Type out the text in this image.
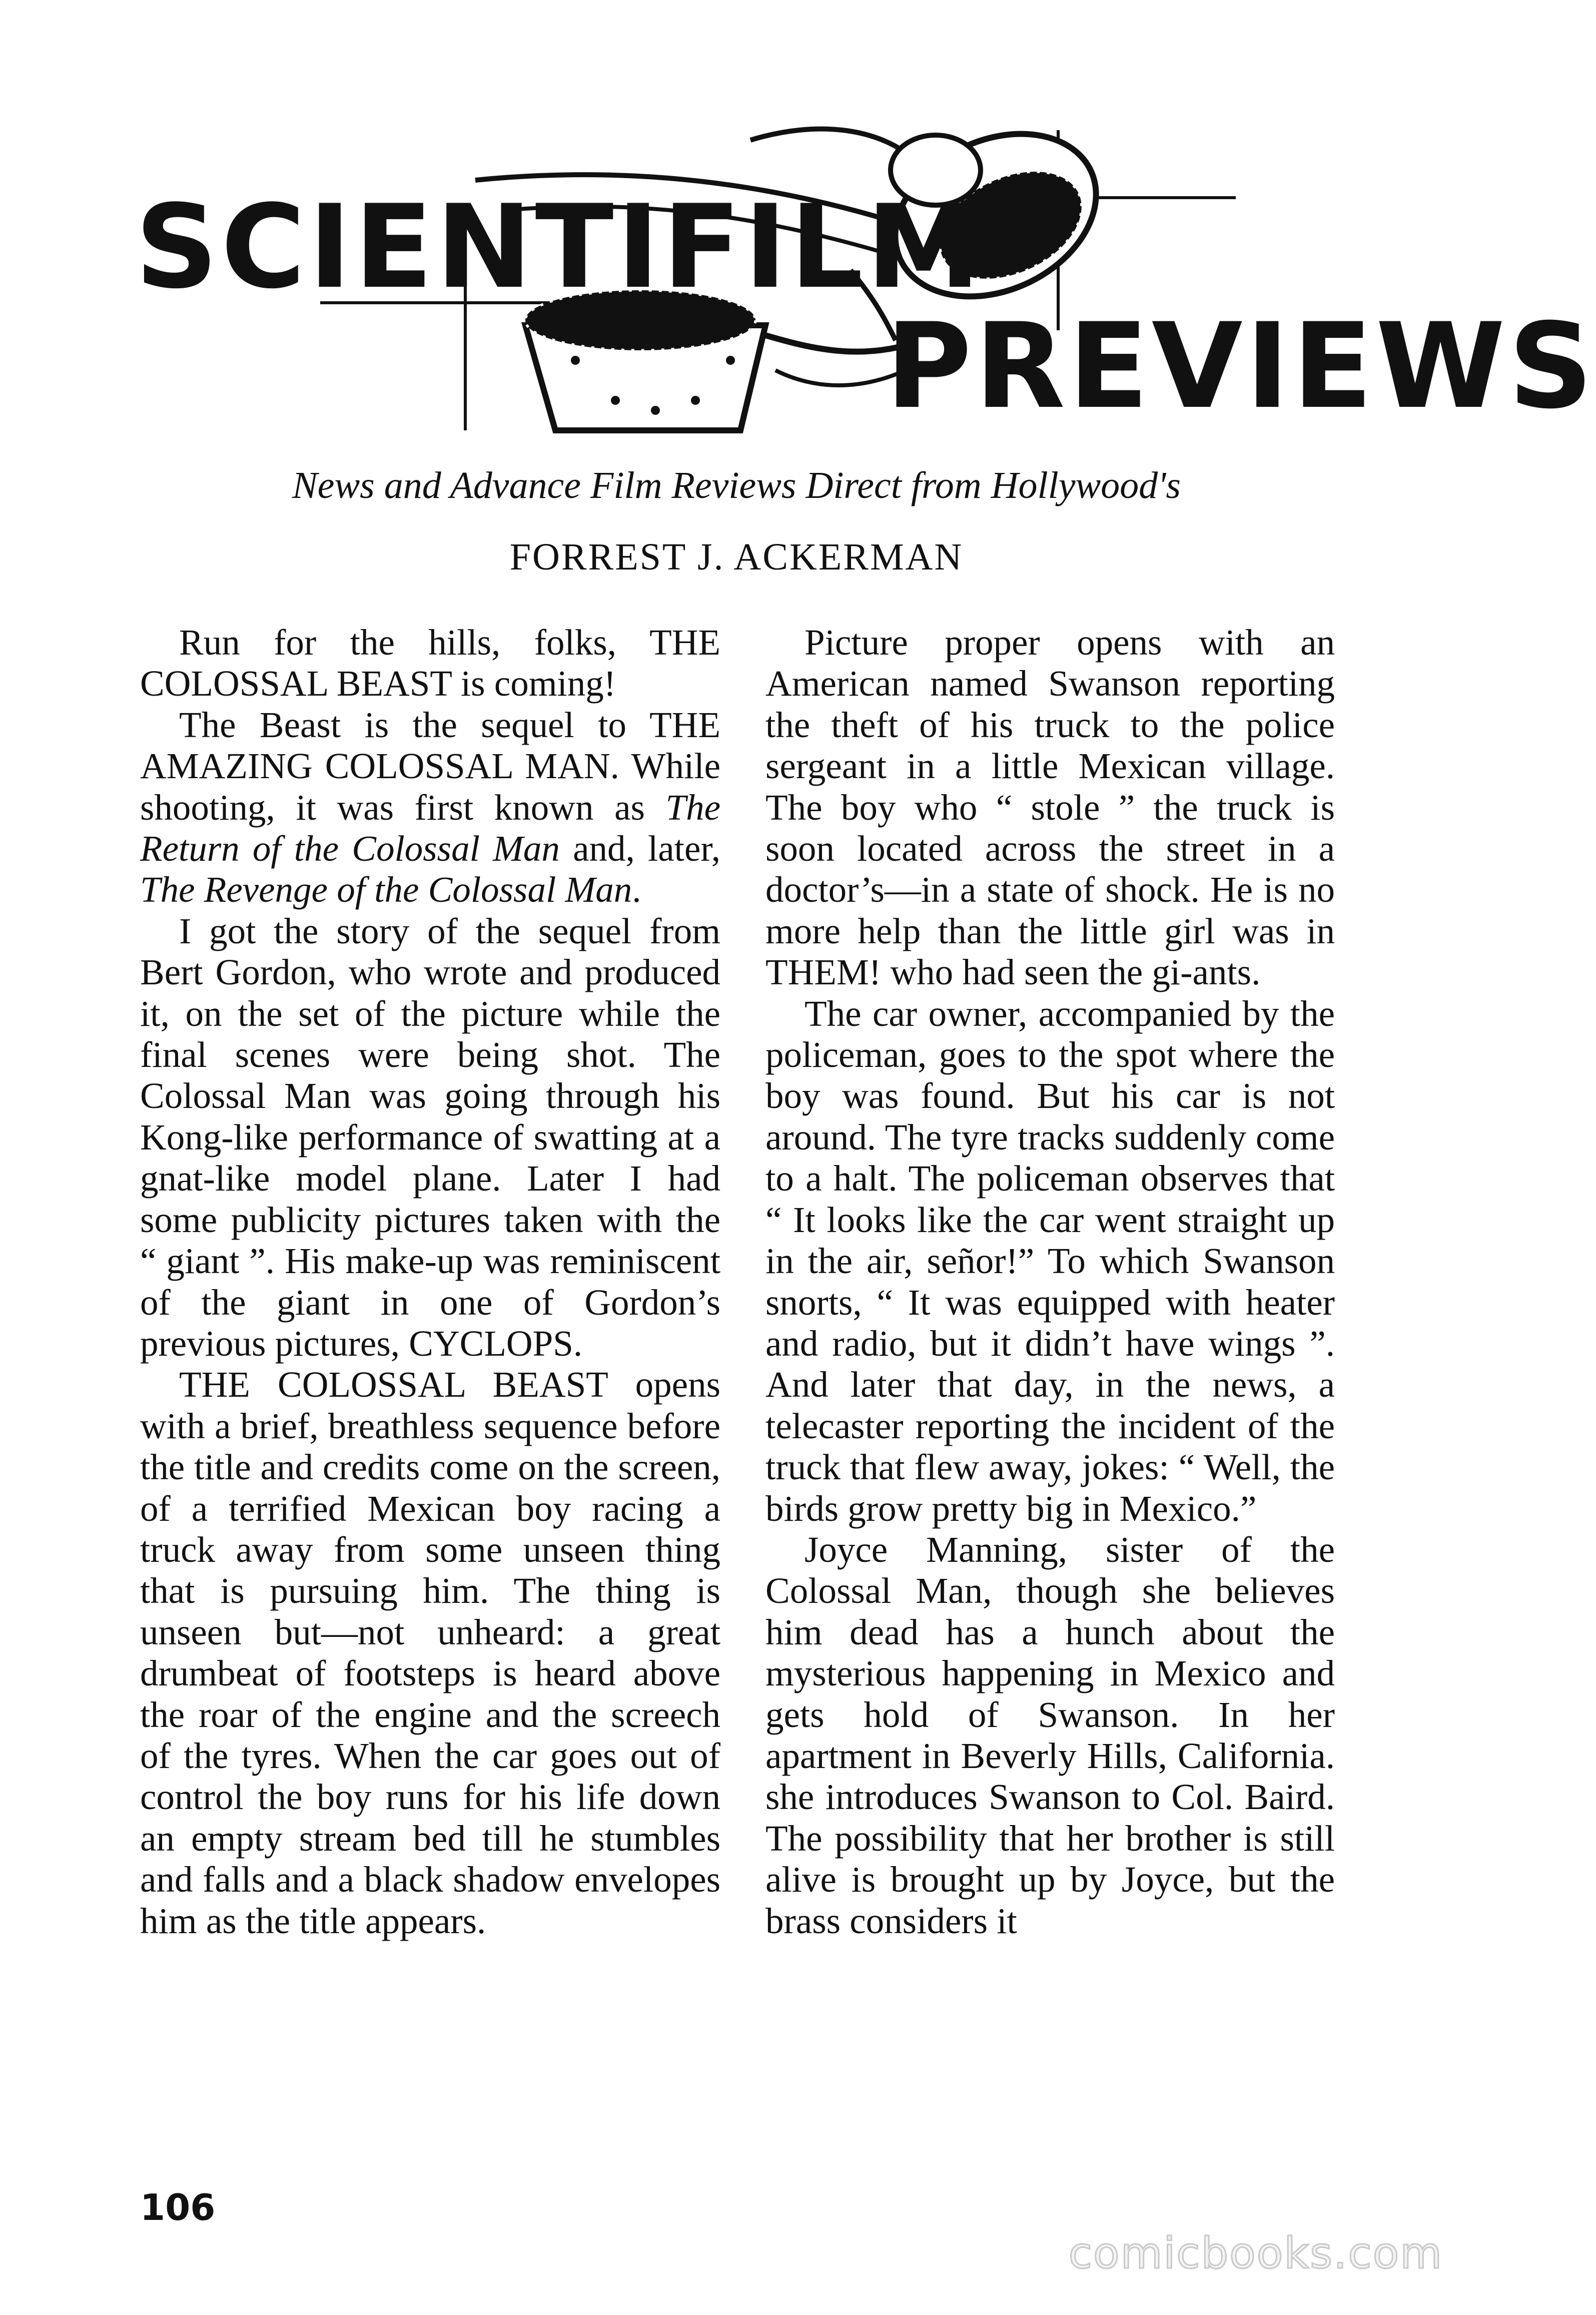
SCIENTIFILM
PREVIEWS
News and Advance Film Reviews Direct from Hollywood's
FORREST J. ACKERMAN

Run for the hills, folks, THE COLOSSAL BEAST is coming!

The Beast is the sequel to THE AMAZING COLOSSAL MAN. While shooting, it was first known as The Return of the Colossal Man and, later, The Revenge of the Colossal Man.

I got the story of the sequel from Bert Gordon, who wrote and produced it, on the set of the picture while the final scenes were being shot. The Colossal Man was going through his Kong-like performance of swatting at a gnat-like model plane. Later I had some publicity pictures taken with the “ giant ”. His make-up was reminiscent of the giant in one of Gordon’s previous pictures, CYCLOPS.

THE COLOSSAL BEAST opens with a brief, breathless sequence before the title and credits come on the screen, of a terrified Mexican boy racing a truck away from some unseen thing that is pursuing him. The thing is unseen but—not unheard: a great drumbeat of footsteps is heard above the roar of the engine and the screech of the tyres. When the car goes out of control the boy runs for his life down an empty stream bed till he stumbles and falls and a black shadow envelopes him as the title appears.

Picture proper opens with an American named Swanson reporting the theft of his truck to the police sergeant in a little Mexican village. The boy who “ stole ” the truck is soon located across the street in a doctor’s—in a state of shock. He is no more help than the little girl was in THEM! who had seen the gi-ants.

The car owner, accompanied by the policeman, goes to the spot where the boy was found. But his car is not around. The tyre tracks suddenly come to a halt. The policeman observes that “ It looks like the car went straight up in the air, señor!” To which Swanson snorts, “ It was equipped with heater and radio, but it didn’t have wings ”. And later that day, in the news, a telecaster reporting the incident of the truck that flew away, jokes: “ Well, the birds grow pretty big in Mexico.”

Joyce Manning, sister of the Colossal Man, though she believes him dead has a hunch about the mysterious happening in Mexico and gets hold of Swanson. In her apartment in Beverly Hills, California. she introduces Swanson to Col. Baird. The possibility that her brother is still alive is brought up by Joyce, but the brass considers it

106
comicbooks.com
